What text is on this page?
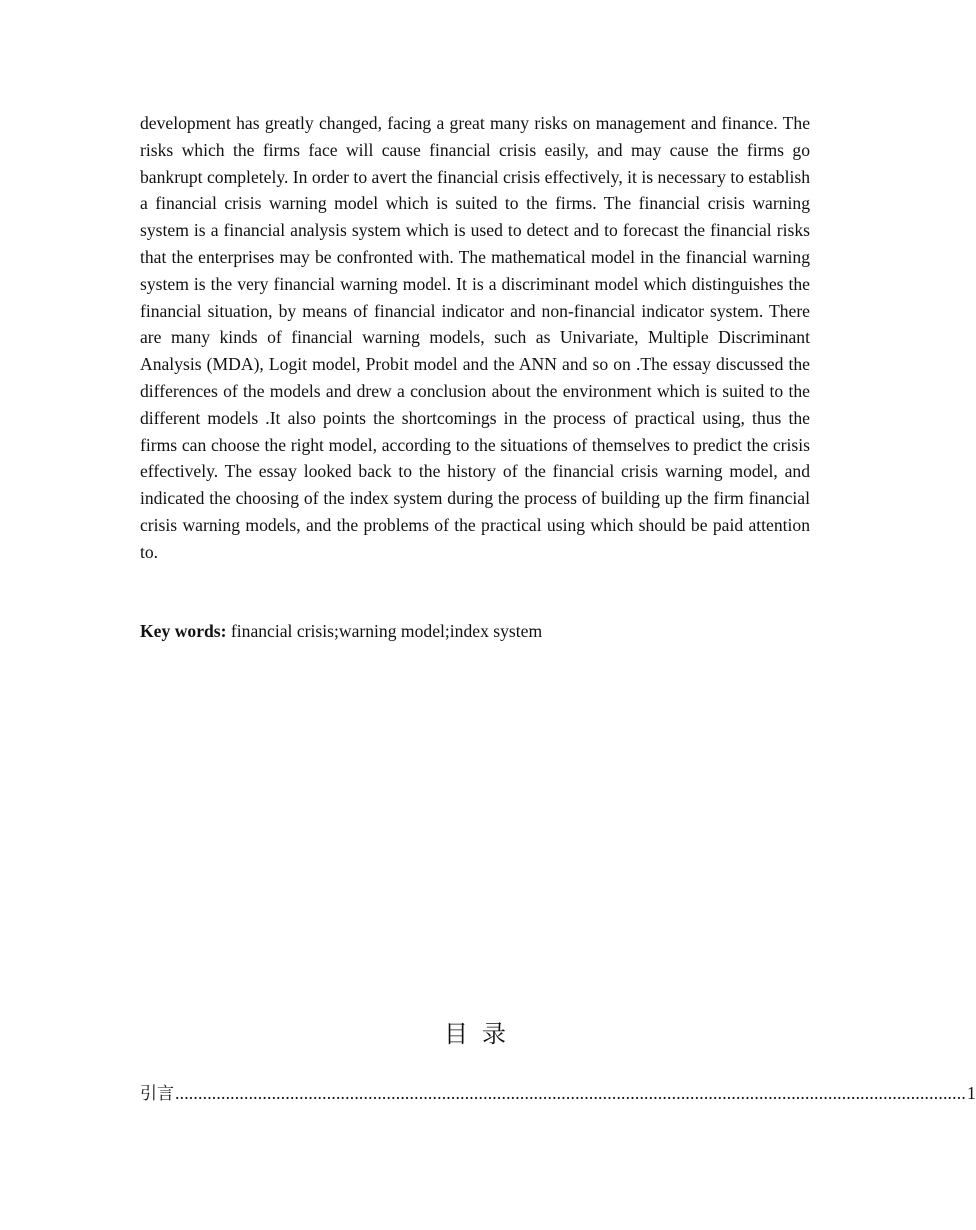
development has greatly changed, facing a great many risks on management and finance. The risks which the firms face will cause financial crisis easily, and may cause the firms go bankrupt completely. In order to avert the financial crisis effectively, it is necessary to establish a financial crisis warning model which is suited to the firms. The financial crisis warning system is a financial analysis system which is used to detect and to forecast the financial risks that the enterprises may be confronted with. The mathematical model in the financial warning system is the very financial warning model. It is a discriminant model which distinguishes the financial situation, by means of financial indicator and non-financial indicator system. There are many kinds of financial warning models, such as Univariate, Multiple Discriminant Analysis (MDA), Logit model, Probit model and the ANN and so on .The essay discussed the differences of the models and drew a conclusion about the environment which is suited to the different models .It also points the shortcomings in the process of practical using, thus the firms can choose the right model, according to the situations of themselves to predict the crisis effectively. The essay looked back to the history of the financial crisis warning model, and indicated the choosing of the index system during the process of building up the firm financial crisis warning models, and the problems of the practical using which should be paid attention to.

Key words: financial crisis;warning model;index system

目录
引言 ............................................................................................................................................................................ 1
